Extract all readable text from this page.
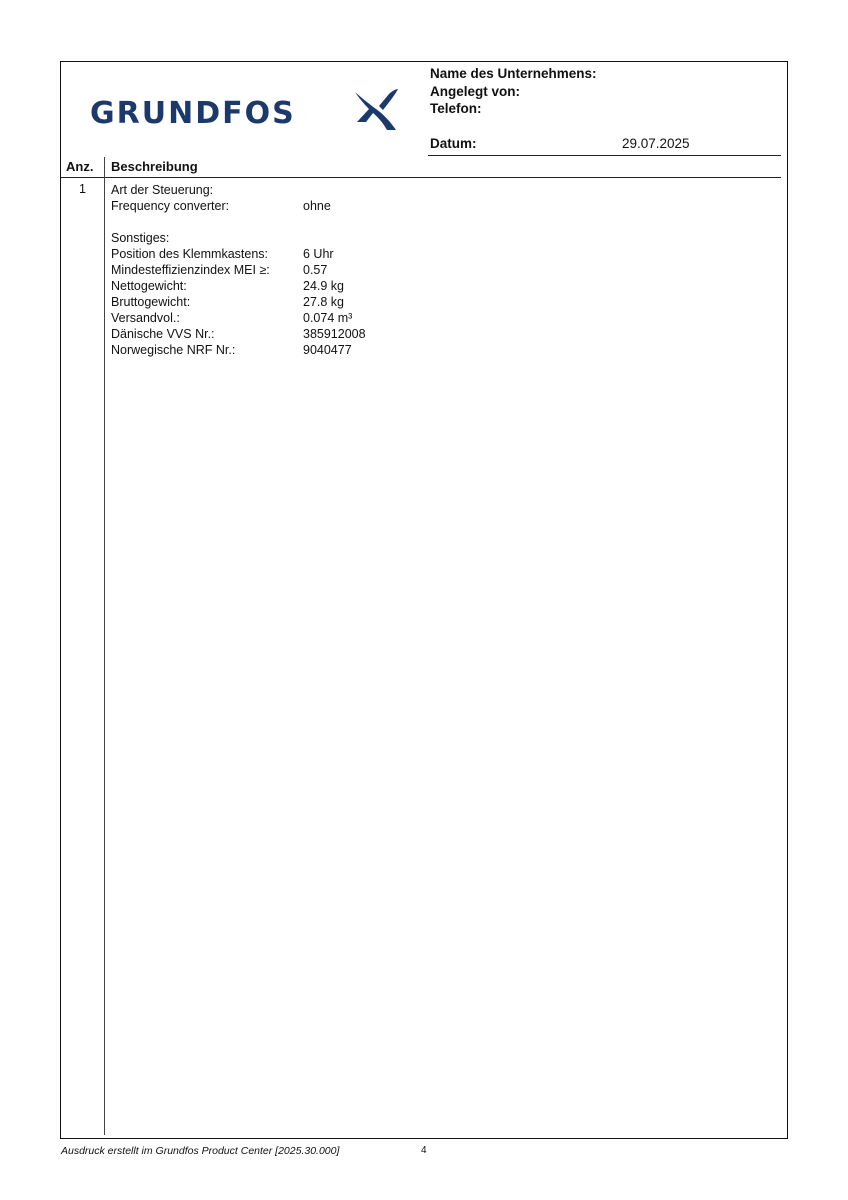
GRUNDFOS
Name des Unternehmens:
Angelegt von:
Telefon:
Datum:	29.07.2025
Anz. Beschreibung
1 Art der Steuerung:
Frequency converter:	ohne
Sonstiges:
Position des Klemmkastens:	6 Uhr
Mindesteffizienzindex MEI ≥:	0.57
Nettogewicht:	24.9 kg
Bruttogewicht:	27.8 kg
Versandvol.:	0.074 m³
Dänische VVS Nr.:	385912008
Norwegische NRF Nr.:	9040477
Ausdruck erstellt im Grundfos Product Center [2025.30.000]	4
